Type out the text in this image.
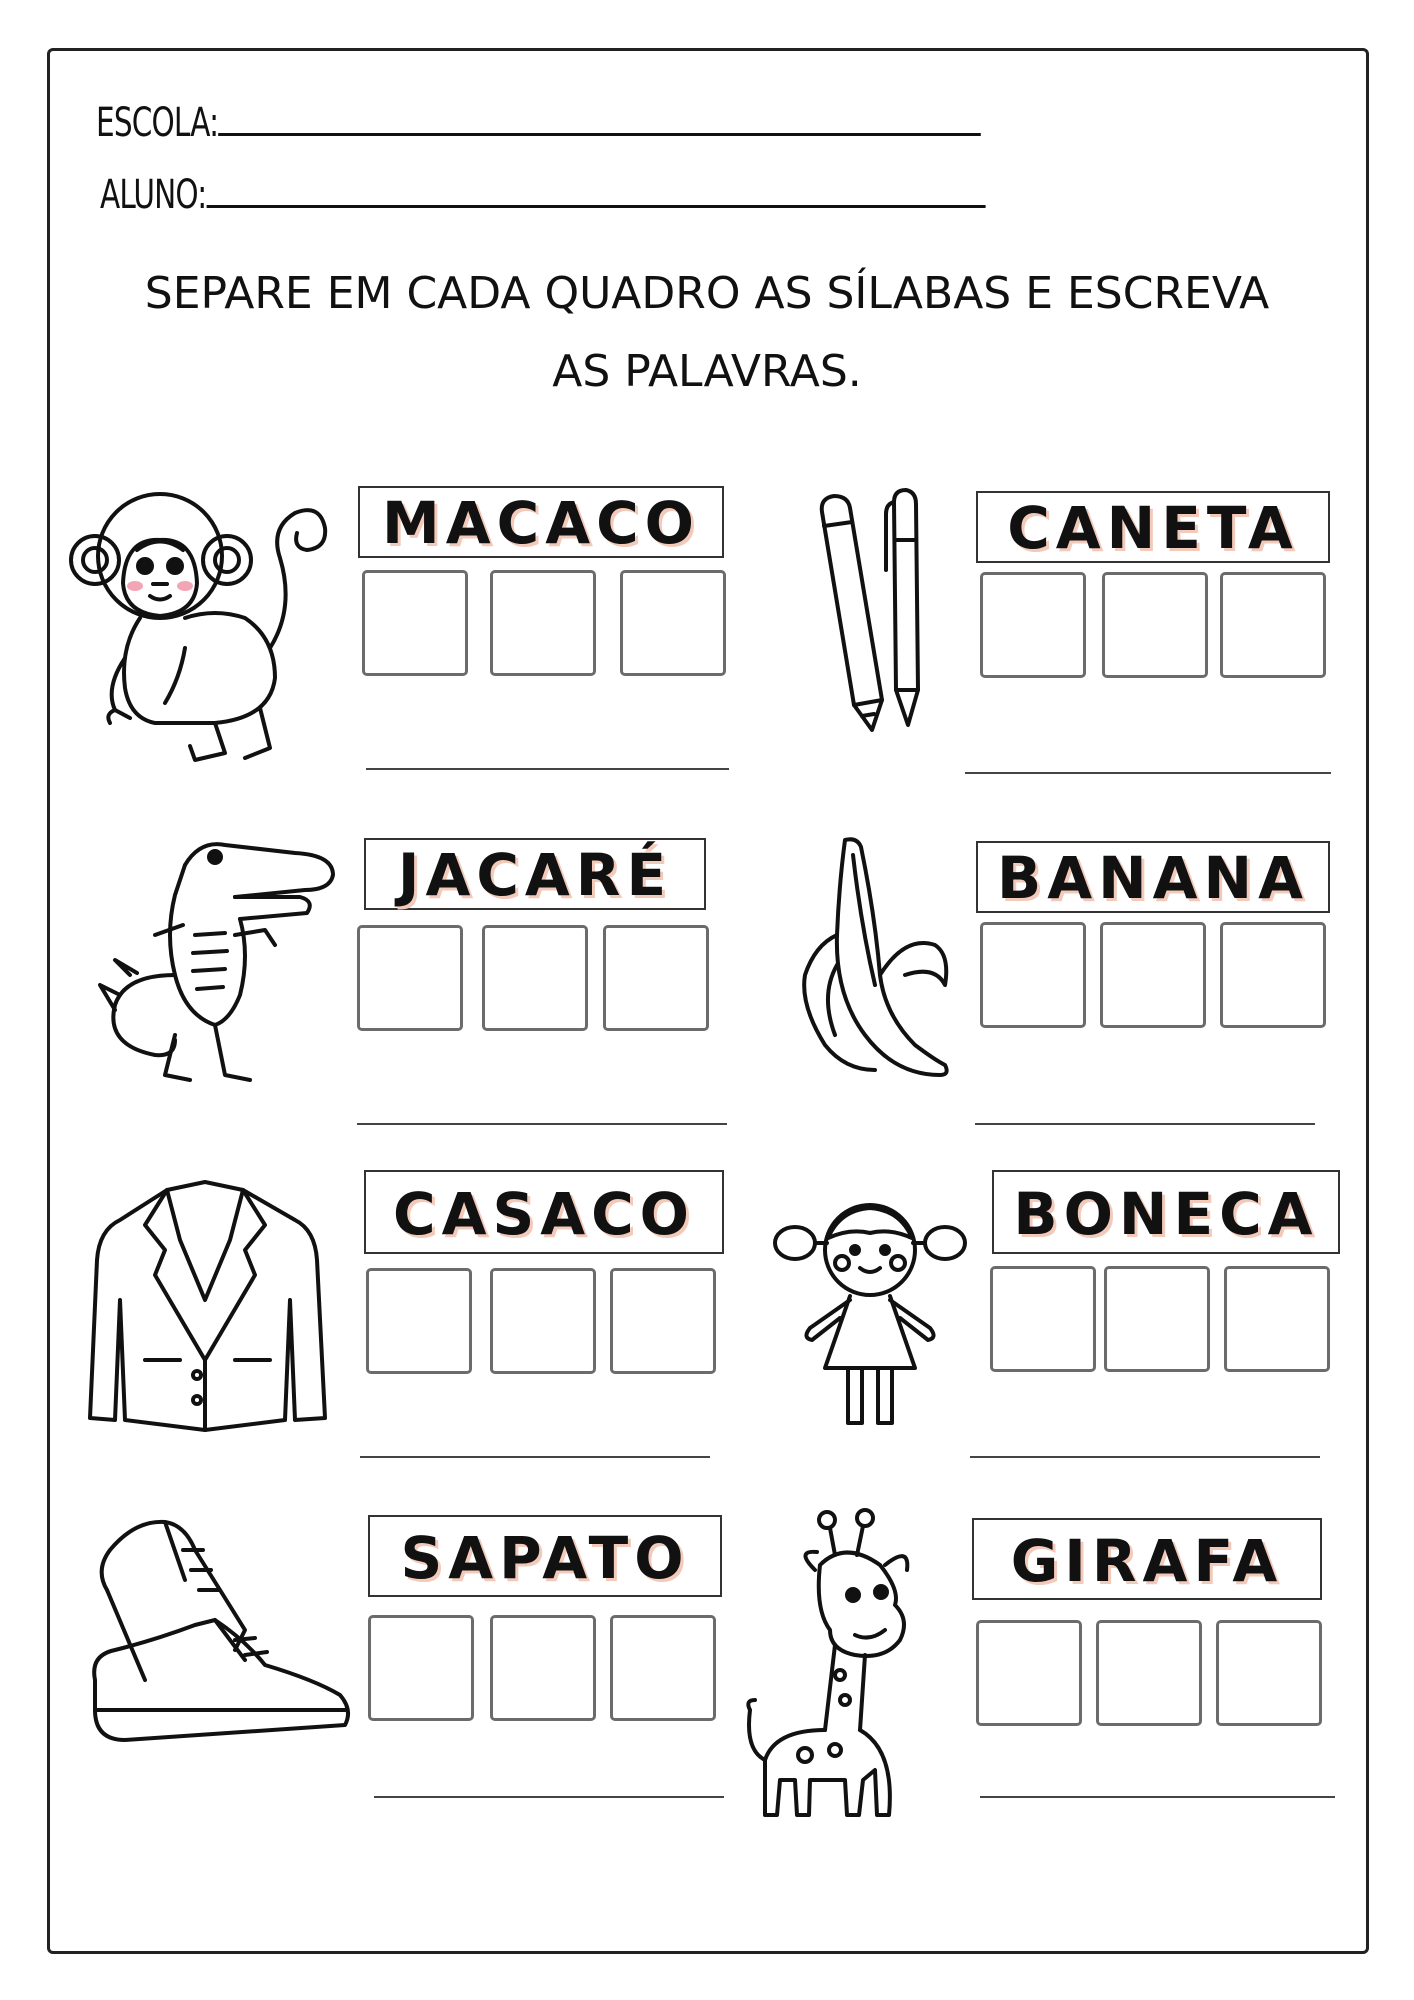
ESCOLA:
ALUNO:
SEPARE EM CADA QUADRO AS SÍLABAS E ESCREVA
AS PALAVRAS.
MACACO	CANETA
JACARÉ	BANANA
CASACO	BONECA
SAPATO	GIRAFA
